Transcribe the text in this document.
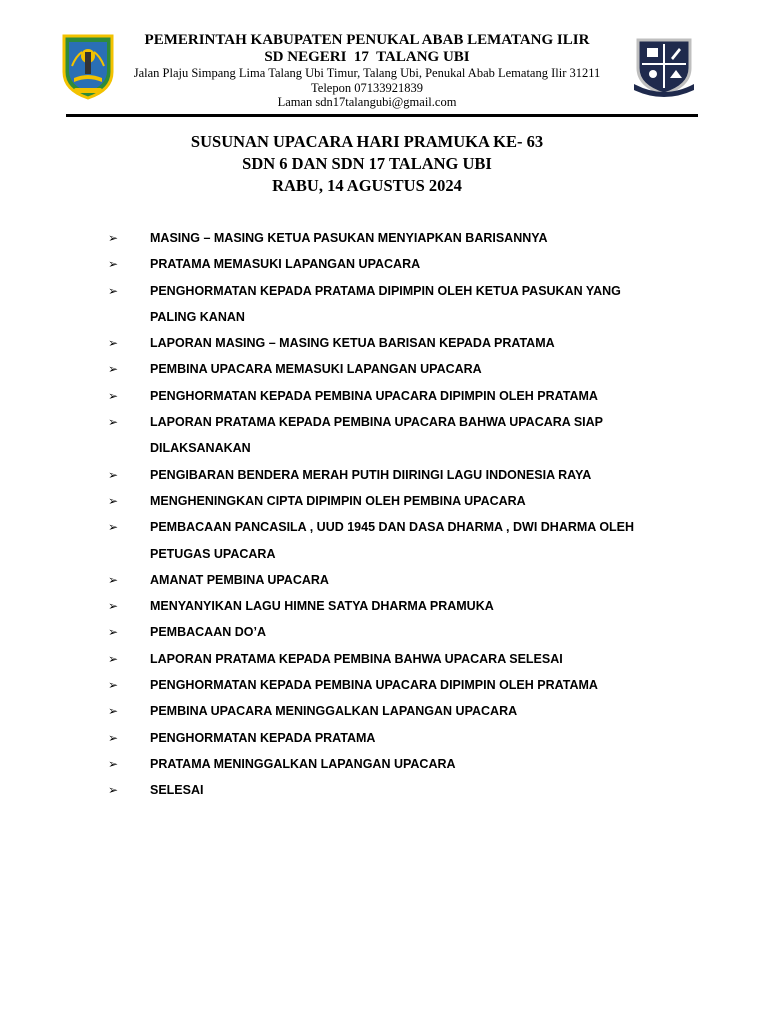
PEMERINTAH KABUPATEN PENUKAL ABAB LEMATANG ILIR
SD NEGERI  17  TALANG UBI
Jalan Plaju Simpang Lima Talang Ubi Timur, Talang Ubi, Penukal Abab Lematang Ilir 31211
Telepon 07133921839
Laman sdn17talangubi@gmail.com
SUSUNAN UPACARA HARI PRAMUKA KE- 63
SDN 6 DAN SDN 17 TALANG UBI
RABU, 14 AGUSTUS 2024
➢	MASING – MASING KETUA PASUKAN MENYIAPKAN BARISANNYA
➢	PRATAMA MEMASUKI LAPANGAN UPACARA
➢	PENGHORMATAN KEPADA PRATAMA DIPIMPIN OLEH KETUA PASUKAN YANG PALING KANAN
➢	LAPORAN MASING – MASING KETUA BARISAN KEPADA PRATAMA
➢	PEMBINA UPACARA MEMASUKI LAPANGAN UPACARA
➢	PENGHORMATAN KEPADA PEMBINA UPACARA DIPIMPIN OLEH PRATAMA
➢	LAPORAN PRATAMA KEPADA PEMBINA UPACARA BAHWA UPACARA SIAP DILAKSANAKAN
➢	PENGIBARAN BENDERA MERAH PUTIH DIIRINGI LAGU INDONESIA RAYA
➢	MENGHENINGKAN CIPTA DIPIMPIN OLEH PEMBINA UPACARA
➢	PEMBACAAN PANCASILA , UUD 1945 DAN DASA DHARMA , DWI DHARMA OLEH PETUGAS UPACARA
➢	AMANAT PEMBINA UPACARA
➢	MENYANYIKAN LAGU HIMNE SATYA DHARMA PRAMUKA
➢	PEMBACAAN DO’A
➢	LAPORAN PRATAMA KEPADA PEMBINA BAHWA UPACARA SELESAI
➢	PENGHORMATAN KEPADA PEMBINA UPACARA DIPIMPIN OLEH PRATAMA
➢	PEMBINA UPACARA MENINGGALKAN LAPANGAN UPACARA
➢	PENGHORMATAN KEPADA PRATAMA
➢	PRATAMA MENINGGALKAN LAPANGAN UPACARA
➢	SELESAI
